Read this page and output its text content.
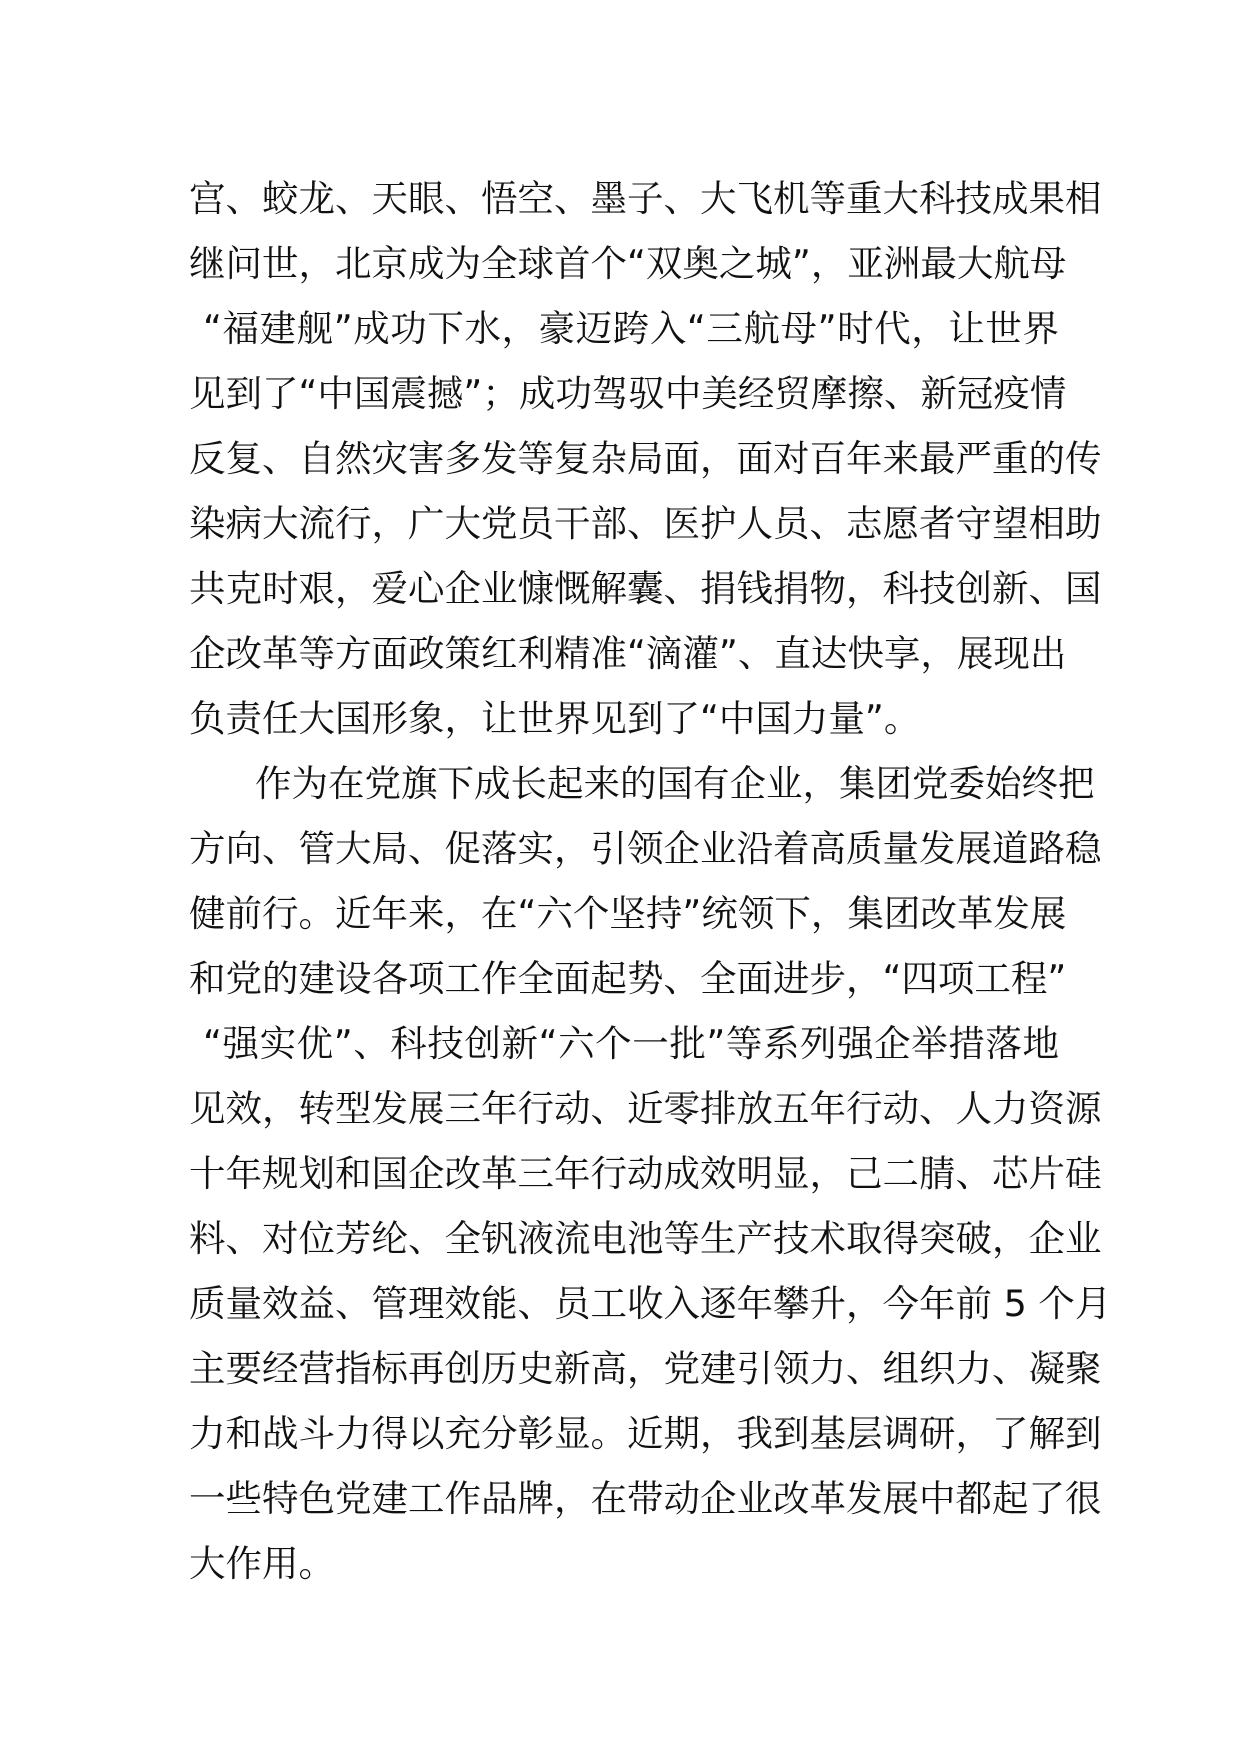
宫、蛟龙、天眼、悟空、墨子、大飞机等重大科技成果相
继问世，北京成为全球首个“双奥之城”，亚洲最大航母
“福建舰”成功下水，豪迈跨入“三航母”时代，让世界
见到了“中国震撼”；成功驾驭中美经贸摩擦、新冠疫情
反复、自然灾害多发等复杂局面，面对百年来最严重的传
染病大流行，广大党员干部、医护人员、志愿者守望相助
共克时艰，爱心企业慷慨解囊、捐钱捐物，科技创新、国
企改革等方面政策红利精准“滴灌”、直达快享，展现出
负责任大国形象，让世界见到了“中国力量”。
作为在党旗下成长起来的国有企业，集团党委始终把
方向、管大局、促落实，引领企业沿着高质量发展道路稳
健前行。近年来，在“六个坚持”统领下，集团改革发展
和党的建设各项工作全面起势、全面进步，“四项工程”
“强实优”、科技创新“六个一批”等系列强企举措落地
见效，转型发展三年行动、近零排放五年行动、人力资源
十年规划和国企改革三年行动成效明显，己二腈、芯片硅
料、对位芳纶、全钒液流电池等生产技术取得突破，企业
质量效益、管理效能、员工收入逐年攀升，今年前 5 个月
主要经营指标再创历史新高，党建引领力、组织力、凝聚
力和战斗力得以充分彰显。近期，我到基层调研，了解到
一些特色党建工作品牌，在带动企业改革发展中都起了很
大作用。
